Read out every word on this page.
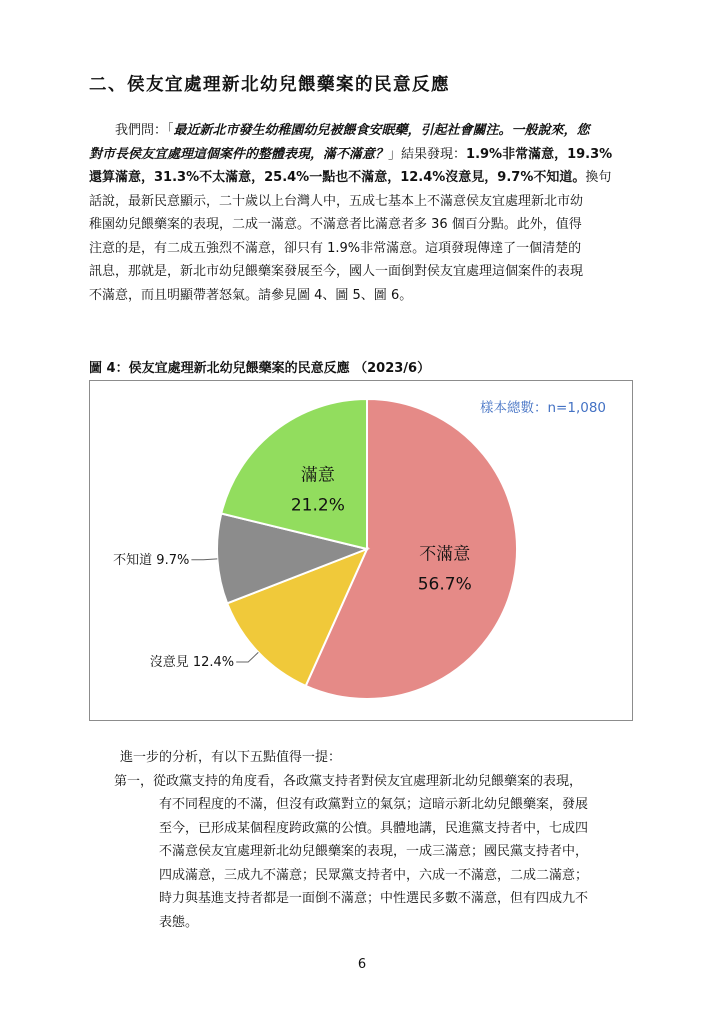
二、侯友宜處理新北幼兒餵藥案的民意反應
我們問：「最近新北市發生幼稚園幼兒被餵食安眠藥，引起社會關注。一般說來，您
對市長侯友宜處理這個案件的整體表現，滿不滿意？」結果發現：1.9%非常滿意，19.3%
還算滿意，31.3%不太滿意，25.4%一點也不滿意，12.4%沒意見，9.7%不知道。換句
話說，最新民意顯示，二十歲以上台灣人中，五成七基本上不滿意侯友宜處理新北市幼
稚園幼兒餵藥案的表現，二成一滿意。不滿意者比滿意者多 36 個百分點。此外，值得
注意的是，有二成五強烈不滿意，卻只有 1.9%非常滿意。這項發現傳達了一個清楚的
訊息，那就是，新北市幼兒餵藥案發展至今，國人一面倒對侯友宜處理這個案件的表現
不滿意，而且明顯帶著怒氣。請參見圖 4、圖 5、圖 6。
圖 4：侯友宜處理新北幼兒餵藥案的民意反應 （2023/6）
樣本總數：n=1,080
不滿意
56.7%
沒意見 12.4%
不知道 9.7%
滿意
21.2%
進一步的分析，有以下五點值得一提：
第一，從政黨支持的角度看，各政黨支持者對侯友宜處理新北幼兒餵藥案的表現，
有不同程度的不滿，但沒有政黨對立的氣氛；這暗示新北幼兒餵藥案，發展
至今，已形成某個程度跨政黨的公憤。具體地講，民進黨支持者中，七成四
不滿意侯友宜處理新北幼兒餵藥案的表現，一成三滿意；國民黨支持者中，
四成滿意，三成九不滿意；民眾黨支持者中，六成一不滿意，二成二滿意；
時力與基進支持者都是一面倒不滿意；中性選民多數不滿意，但有四成九不
表態。
6
